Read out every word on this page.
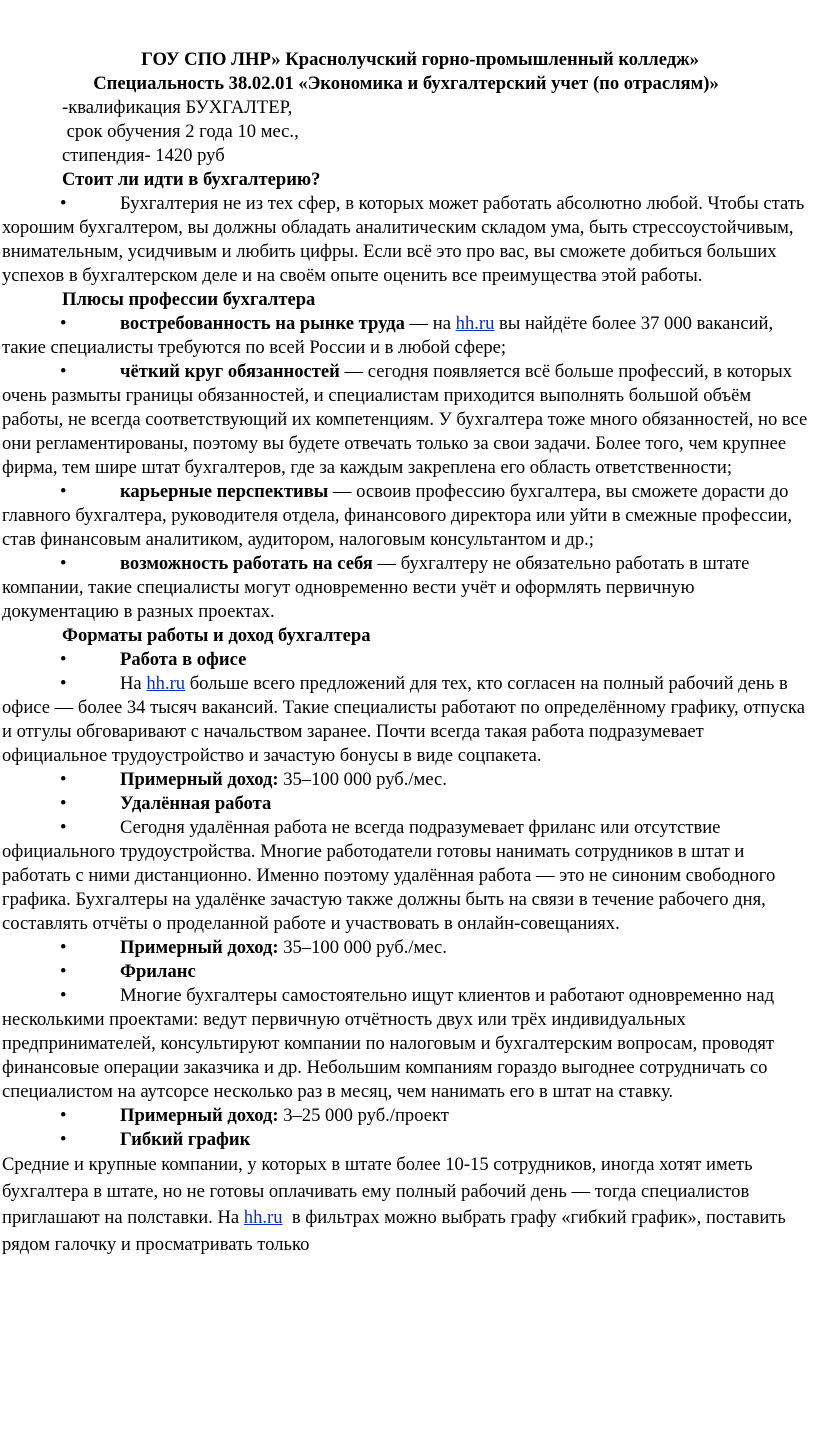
ГОУ СПО ЛНР» Краснолучский горно-промышленный колледж»
Специальность 38.02.01 «Экономика и бухгалтерский учет (по отраслям)»
-квалификация БУХГАЛТЕР,
срок обучения 2 года 10 мес.,
стипендия- 1420 руб
Стоит ли идти в бухгалтерию?
•	Бухгалтерия не из тех сфер, в которых может работать абсолютно любой. Чтобы стать хорошим бухгалтером, вы должны обладать аналитическим складом ума, быть стрессоустойчивым, внимательным, усидчивым и любить цифры. Если всё это про вас, вы сможете добиться больших успехов в бухгалтерском деле и на своём опыте оценить все преимущества этой работы.
Плюсы профессии бухгалтера
•	востребованность на рынке труда — на hh.ru вы найдёте более 37 000 вакансий, такие специалисты требуются по всей России и в любой сфере;
•	чёткий круг обязанностей — сегодня появляется всё больше профессий, в которых очень размыты границы обязанностей, и специалистам приходится выполнять большой объём работы, не всегда соответствующий их компетенциям. У бухгалтера тоже много обязанностей, но все они регламентированы, поэтому вы будете отвечать только за свои задачи. Более того, чем крупнее фирма, тем шире штат бухгалтеров, где за каждым закреплена его область ответственности;
•	карьерные перспективы — освоив профессию бухгалтера, вы сможете дорасти до главного бухгалтера, руководителя отдела, финансового директора или уйти в смежные профессии, став финансовым аналитиком, аудитором, налоговым консультантом и др.;
•	возможность работать на себя — бухгалтеру не обязательно работать в штате компании, такие специалисты могут одновременно вести учёт и оформлять первичную документацию в разных проектах.
Форматы работы и доход бухгалтера
•	Работа в офисе
•	На hh.ru больше всего предложений для тех, кто согласен на полный рабочий день в офисе — более 34 тысяч вакансий. Такие специалисты работают по определённому графику, отпуска и отгулы обговаривают с начальством заранее. Почти всегда такая работа подразумевает официальное трудоустройство и зачастую бонусы в виде соцпакета.
•	Примерный доход: 35–100 000 руб./мес.
•	Удалённая работа
•	Сегодня удалённая работа не всегда подразумевает фриланс или отсутствие официального трудоустройства. Многие работодатели готовы нанимать сотрудников в штат и работать с ними дистанционно. Именно поэтому удалённая работа — это не синоним свободного графика. Бухгалтеры на удалёнке зачастую также должны быть на связи в течение рабочего дня, составлять отчёты о проделанной работе и участвовать в онлайн-совещаниях.
•	Примерный доход: 35–100 000 руб./мес.
•	Фриланс
•	Многие бухгалтеры самостоятельно ищут клиентов и работают одновременно над несколькими проектами: ведут первичную отчётность двух или трёх индивидуальных предпринимателей, консультируют компании по налоговым и бухгалтерским вопросам, проводят финансовые операции заказчика и др. Небольшим компаниям гораздо выгоднее сотрудничать со специалистом на аутсорсе несколько раз в месяц, чем нанимать его в штат на ставку.
•	Примерный доход: 3–25 000 руб./проект
•	Гибкий график
Средние и крупные компании, у которых в штате более 10-15 сотрудников, иногда хотят иметь бухгалтера в штате, но не готовы оплачивать ему полный рабочий день — тогда специалистов приглашают на полставки. На hh.ru  в фильтрах можно выбрать графу «гибкий график», поставить рядом галочку и просматривать только
